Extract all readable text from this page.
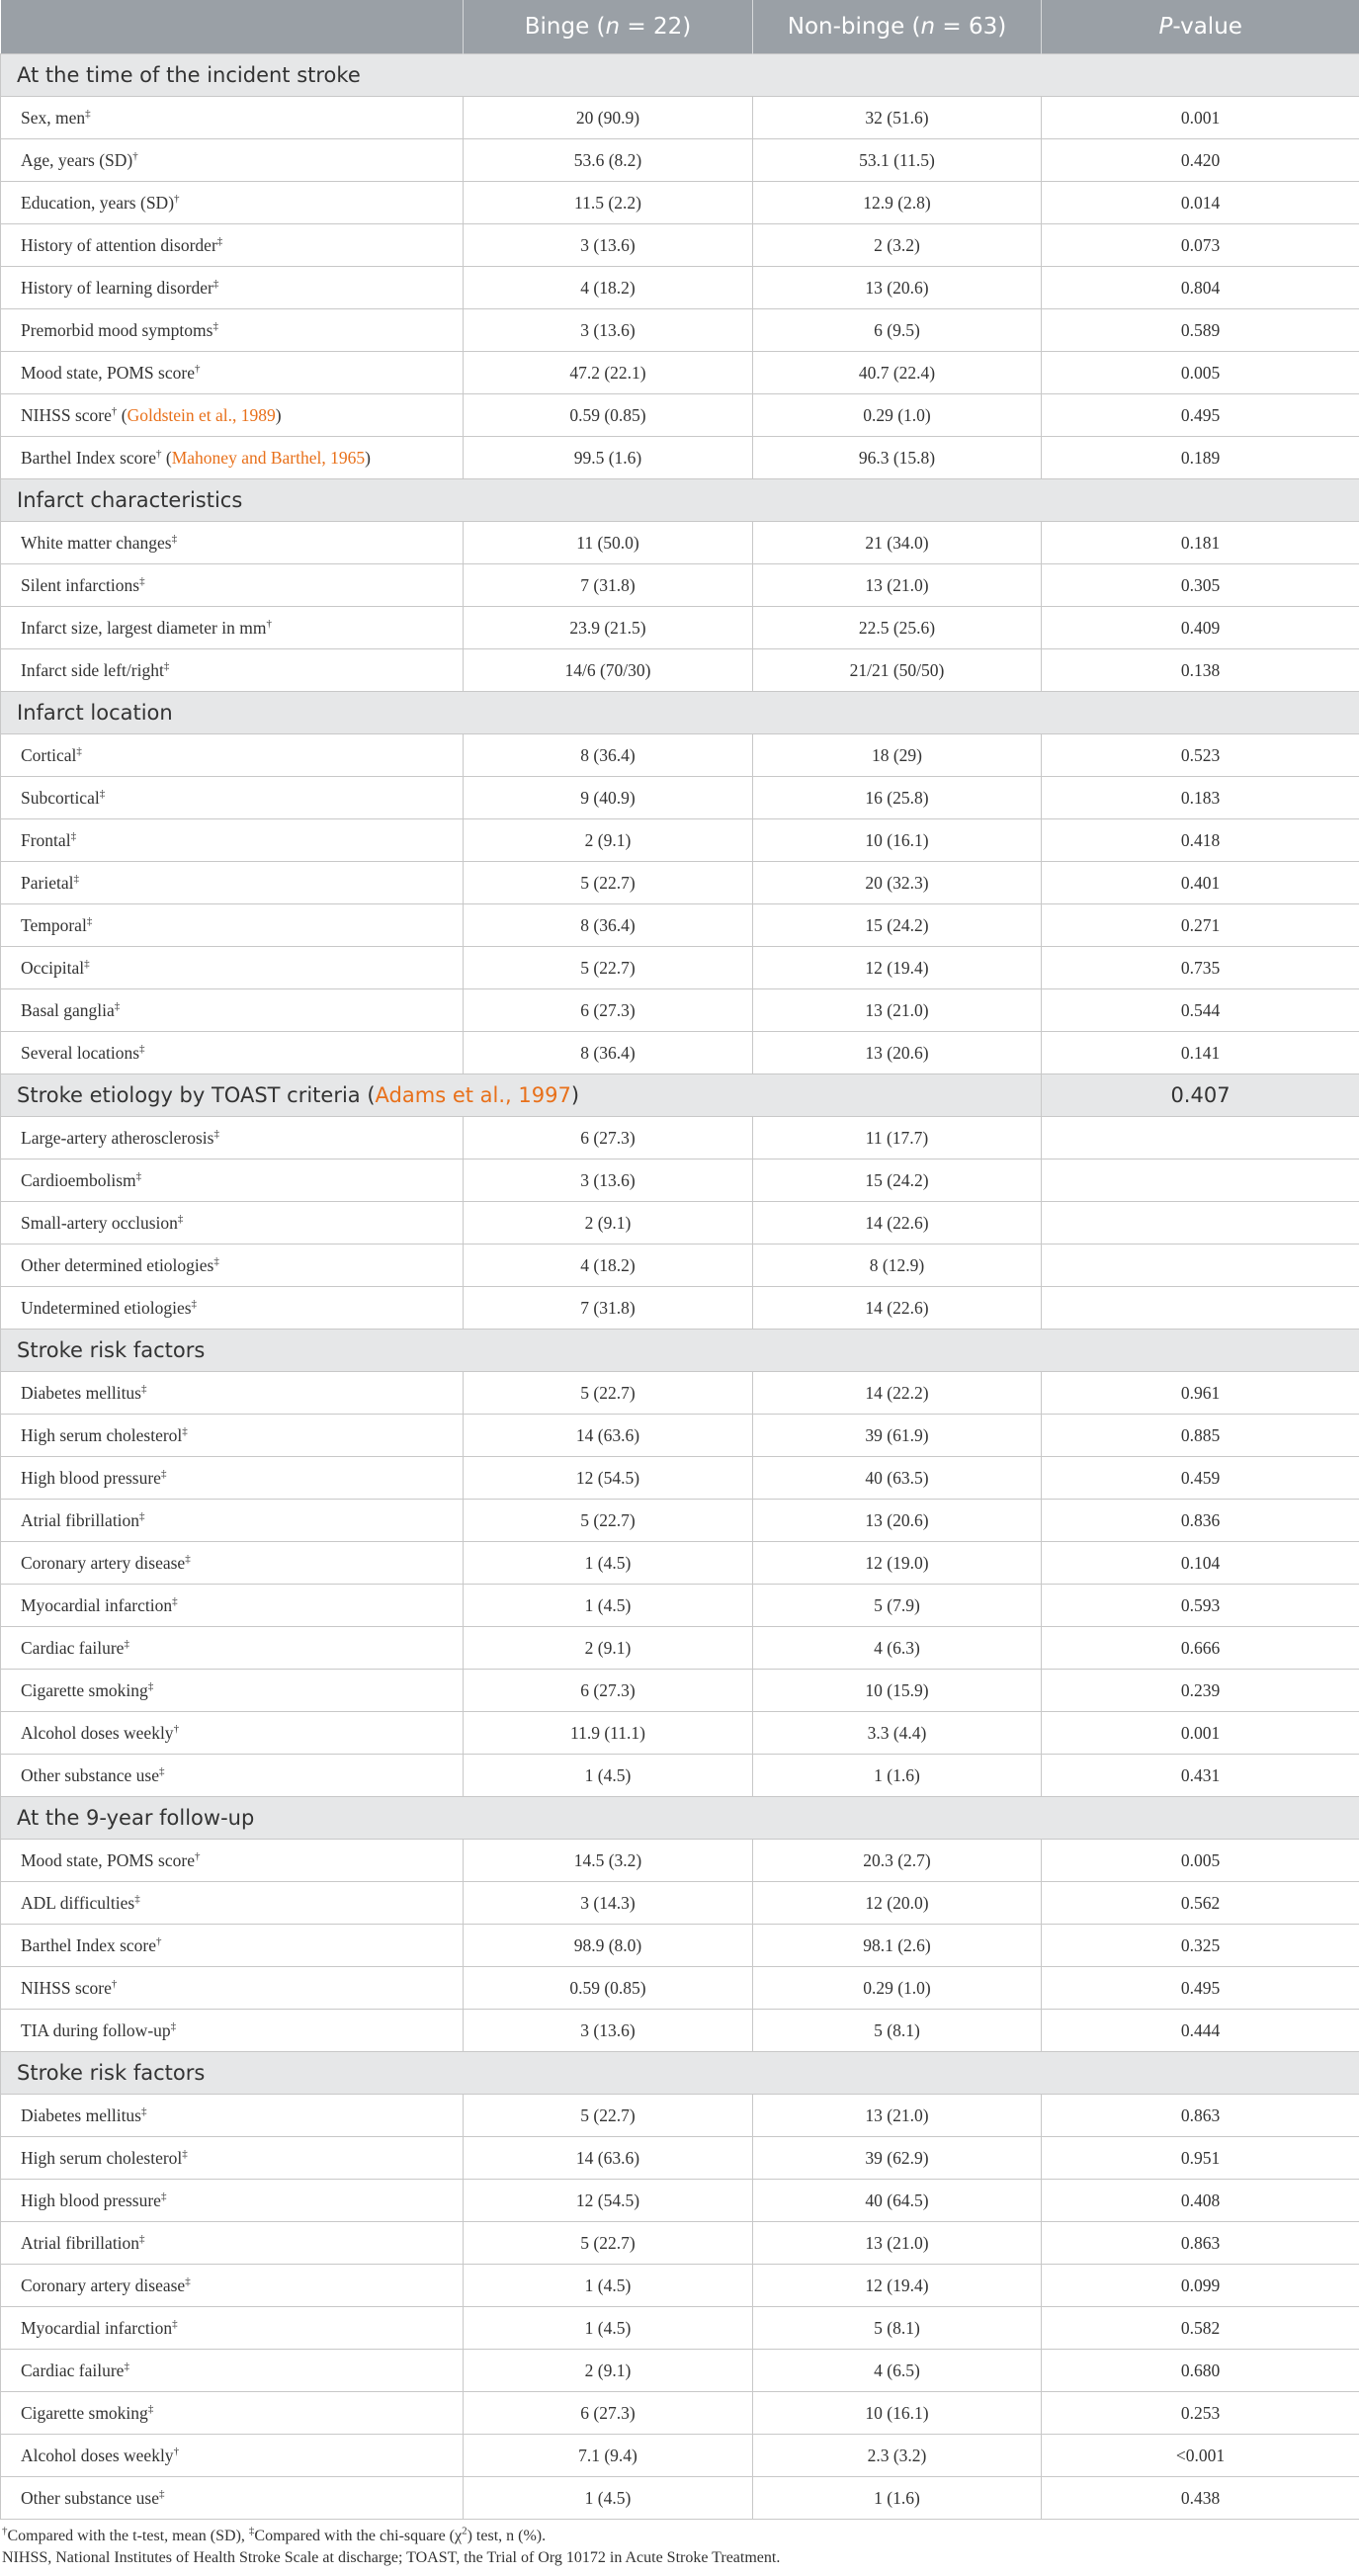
	Binge (n = 22)	Non-binge (n = 63)	P-value
At the time of the incident stroke			
Sex, men‡	20 (90.9)	32 (51.6)	0.001
Age, years (SD)†	53.6 (8.2)	53.1 (11.5)	0.420
Education, years (SD)†	11.5 (2.2)	12.9 (2.8)	0.014
History of attention disorder‡	3 (13.6)	2 (3.2)	0.073
History of learning disorder‡	4 (18.2)	13 (20.6)	0.804
Premorbid mood symptoms‡	3 (13.6)	6 (9.5)	0.589
Mood state, POMS score†	47.2 (22.1)	40.7 (22.4)	0.005
NIHSS score† (Goldstein et al., 1989)	0.59 (0.85)	0.29 (1.0)	0.495
Barthel Index score† (Mahoney and Barthel, 1965)	99.5 (1.6)	96.3 (15.8)	0.189
Infarct characteristics			
White matter changes‡	11 (50.0)	21 (34.0)	0.181
Silent infarctions‡	7 (31.8)	13 (21.0)	0.305
Infarct size, largest diameter in mm†	23.9 (21.5)	22.5 (25.6)	0.409
Infarct side left/right‡	14/6 (70/30)	21/21 (50/50)	0.138
Infarct location			
Cortical‡	8 (36.4)	18 (29)	0.523
Subcortical‡	9 (40.9)	16 (25.8)	0.183
Frontal‡	2 (9.1)	10 (16.1)	0.418
Parietal‡	5 (22.7)	20 (32.3)	0.401
Temporal‡	8 (36.4)	15 (24.2)	0.271
Occipital‡	5 (22.7)	12 (19.4)	0.735
Basal ganglia‡	6 (27.3)	13 (21.0)	0.544
Several locations‡	8 (36.4)	13 (20.6)	0.141
Stroke etiology by TOAST criteria (Adams et al., 1997)			0.407
Large-artery atherosclerosis‡	6 (27.3)	11 (17.7)	
Cardioembolism‡	3 (13.6)	15 (24.2)	
Small-artery occlusion‡	2 (9.1)	14 (22.6)	
Other determined etiologies‡	4 (18.2)	8 (12.9)	
Undetermined etiologies‡	7 (31.8)	14 (22.6)	
Stroke risk factors			
Diabetes mellitus‡	5 (22.7)	14 (22.2)	0.961
High serum cholesterol‡	14 (63.6)	39 (61.9)	0.885
High blood pressure‡	12 (54.5)	40 (63.5)	0.459
Atrial fibrillation‡	5 (22.7)	13 (20.6)	0.836
Coronary artery disease‡	1 (4.5)	12 (19.0)	0.104
Myocardial infarction‡	1 (4.5)	5 (7.9)	0.593
Cardiac failure‡	2 (9.1)	4 (6.3)	0.666
Cigarette smoking‡	6 (27.3)	10 (15.9)	0.239
Alcohol doses weekly†	11.9 (11.1)	3.3 (4.4)	0.001
Other substance use‡	1 (4.5)	1 (1.6)	0.431
At the 9-year follow-up			
Mood state, POMS score†	14.5 (3.2)	20.3 (2.7)	0.005
ADL difficulties‡	3 (14.3)	12 (20.0)	0.562
Barthel Index score†	98.9 (8.0)	98.1 (2.6)	0.325
NIHSS score†	0.59 (0.85)	0.29 (1.0)	0.495
TIA during follow-up‡	3 (13.6)	5 (8.1)	0.444
Stroke risk factors			
Diabetes mellitus‡	5 (22.7)	13 (21.0)	0.863
High serum cholesterol‡	14 (63.6)	39 (62.9)	0.951
High blood pressure‡	12 (54.5)	40 (64.5)	0.408
Atrial fibrillation‡	5 (22.7)	13 (21.0)	0.863
Coronary artery disease‡	1 (4.5)	12 (19.4)	0.099
Myocardial infarction‡	1 (4.5)	5 (8.1)	0.582
Cardiac failure‡	2 (9.1)	4 (6.5)	0.680
Cigarette smoking‡	6 (27.3)	10 (16.1)	0.253
Alcohol doses weekly†	7.1 (9.4)	2.3 (3.2)	<0.001
Other substance use‡	1 (4.5)	1 (1.6)	0.438
†Compared with the t-test, mean (SD), ‡Compared with the chi-square $(\chi^2)$ test, n (%).
NIHSS, National Institutes of Health Stroke Scale at discharge; TOAST, the Trial of Org 10172 in Acute Stroke Treatment.
